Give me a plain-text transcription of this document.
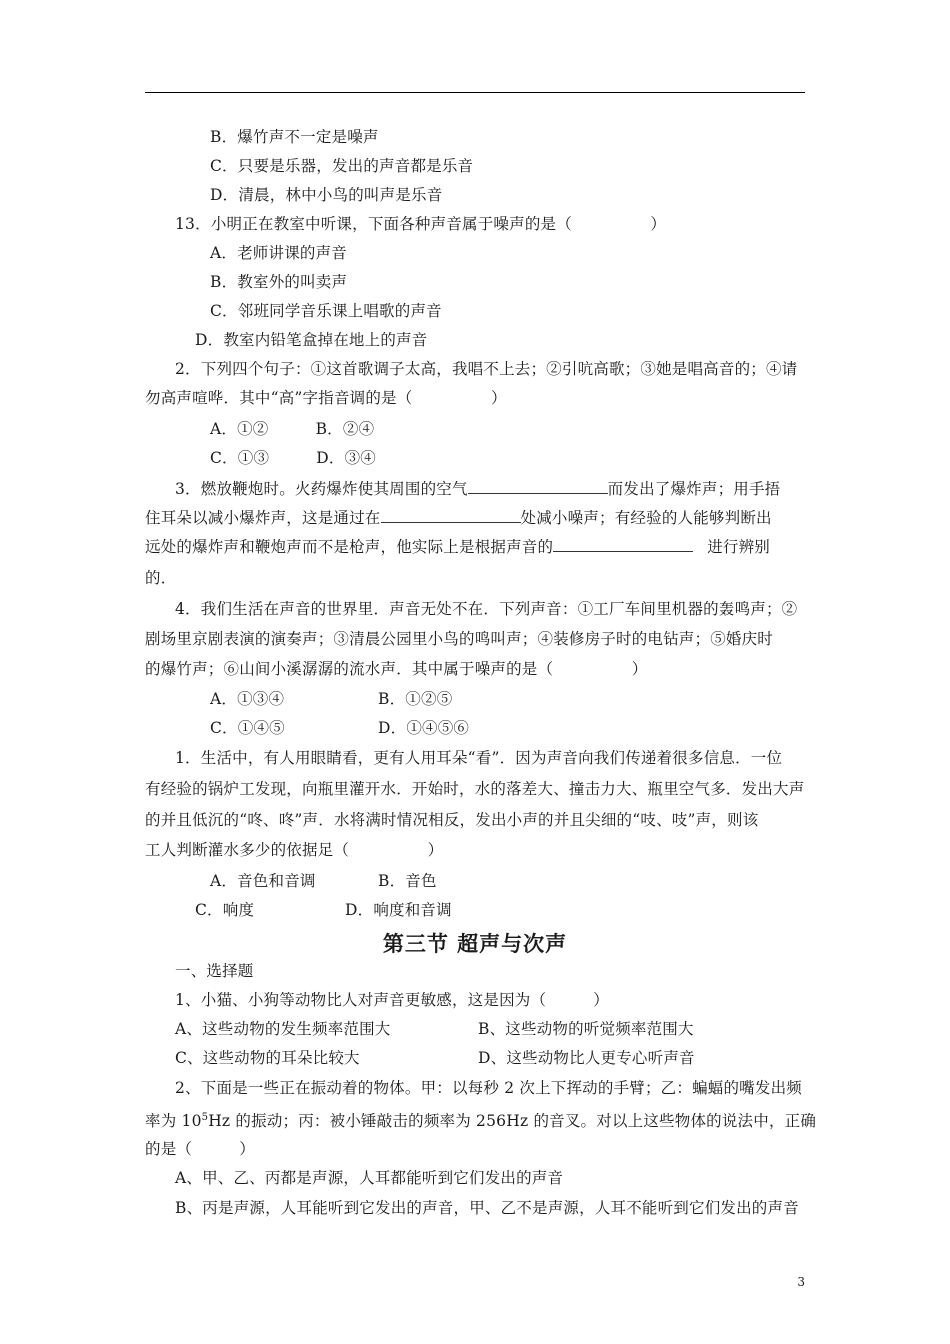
B．爆竹声不一定是噪声
C．只要是乐器，发出的声音都是乐音
D．清晨，林中小鸟的叫声是乐音
13．小明正在教室中听课，下面各种声音属于噪声的是（　　　　　）
A．老师讲课的声音
B．教室外的叫卖声
C．邻班同学音乐课上唱歌的声音
D．教室内铅笔盒掉在地上的声音
2．下列四个句子：①这首歌调子太高，我唱不上去；②引吭高歌；③她是唱高音的；④请
勿高声喧哗．其中“高”字指音调的是（　　　　　）
A．①②　　　B．②④
C．①③　　　D．③④
3．燃放鞭炮时。火药爆炸使其周围的空气	而发出了爆炸声；用手捂
住耳朵以减小爆炸声，这是通过在	处减小噪声；有经验的人能够判断出
远处的爆炸声和鞭炮声而不是枪声，他实际上是根据声音的	进行辨别
的．
4．我们生活在声音的世界里．声音无处不在．下列声音：①工厂车间里机器的轰鸣声；②
剧场里京剧表演的演奏声；③清晨公园里小鸟的鸣叫声；④装修房子时的电钻声；⑤婚庆时
的爆竹声；⑥山间小溪潺潺的流水声．其中属于噪声的是（　　　　　）
A．①③④	B．①②⑤
C．①④⑤	D．①④⑤⑥
1．生活中，有人用眼睛看，更有人用耳朵“看”．因为声音向我们传递着很多信息．一位
有经验的锅炉工发现，向瓶里灌开水．开始时，水的落差大、撞击力大、瓶里空气多．发出大声
的并且低沉的“咚、咚”声．水将满时情况相反，发出小声的并且尖细的“吱、吱”声，则该
工人判断灌水多少的依据足（　　　　　）
A．音色和音调	B．音色
C．响度	D．响度和音调
第三节 超声与次声
一、选择题
1、小猫、小狗等动物比人对声音更敏感，这是因为（　　　）
A、这些动物的发生频率范围大	B、这些动物的听觉频率范围大
C、这些动物的耳朵比较大	D、这些动物比人更专心听声音
2、下面是一些正在振动着的物体。甲：以每秒 2 次上下挥动的手臂；乙：蝙蝠的嘴发出频
率为 $10^5Hz$ 的振动；丙：被小锤敲击的频率为 256Hz 的音叉。对以上这些物体的说法中，正确
的是（　　　）
A、甲、乙、丙都是声源，人耳都能听到它们发出的声音
B、丙是声源，人耳能听到它发出的声音，甲、乙不是声源，人耳不能听到它们发出的声音
3
